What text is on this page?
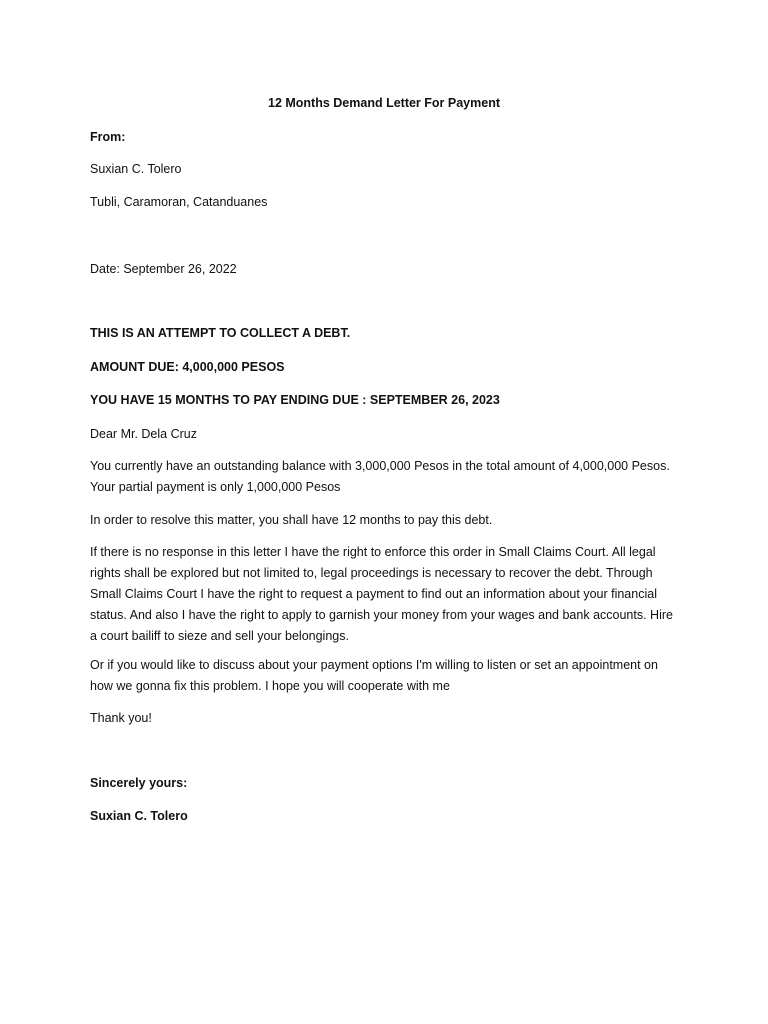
12 Months Demand Letter For Payment

From:

Suxian C. Tolero

Tubli, Caramoran, Catanduanes

Date: September 26, 2022

THIS IS AN ATTEMPT TO COLLECT A DEBT.

AMOUNT DUE: 4,000,000 PESOS

YOU HAVE 15 MONTHS TO PAY ENDING DUE : SEPTEMBER 26, 2023

Dear Mr. Dela Cruz

You currently have an outstanding balance with 3,000,000 Pesos in the total amount of 4,000,000 Pesos. Your partial payment is only 1,000,000 Pesos

In order to resolve this matter, you shall have 12 months to pay this debt.

If there is no response in this letter I have the right to enforce this order in Small Claims Court. All legal rights shall be explored but not limited to, legal proceedings is necessary to recover the debt. Through Small Claims Court I have the right to request a payment to find out an information about your financial status. And also I have the right to apply to garnish your money from your wages and bank accounts. Hire a court bailiff to sieze and sell your belongings.

Or if you would like to discuss about your payment options I'm willing to listen or set an appointment on how we gonna fix this problem. I hope you will cooperate with me

Thank you!

Sincerely yours:

Suxian C. Tolero
